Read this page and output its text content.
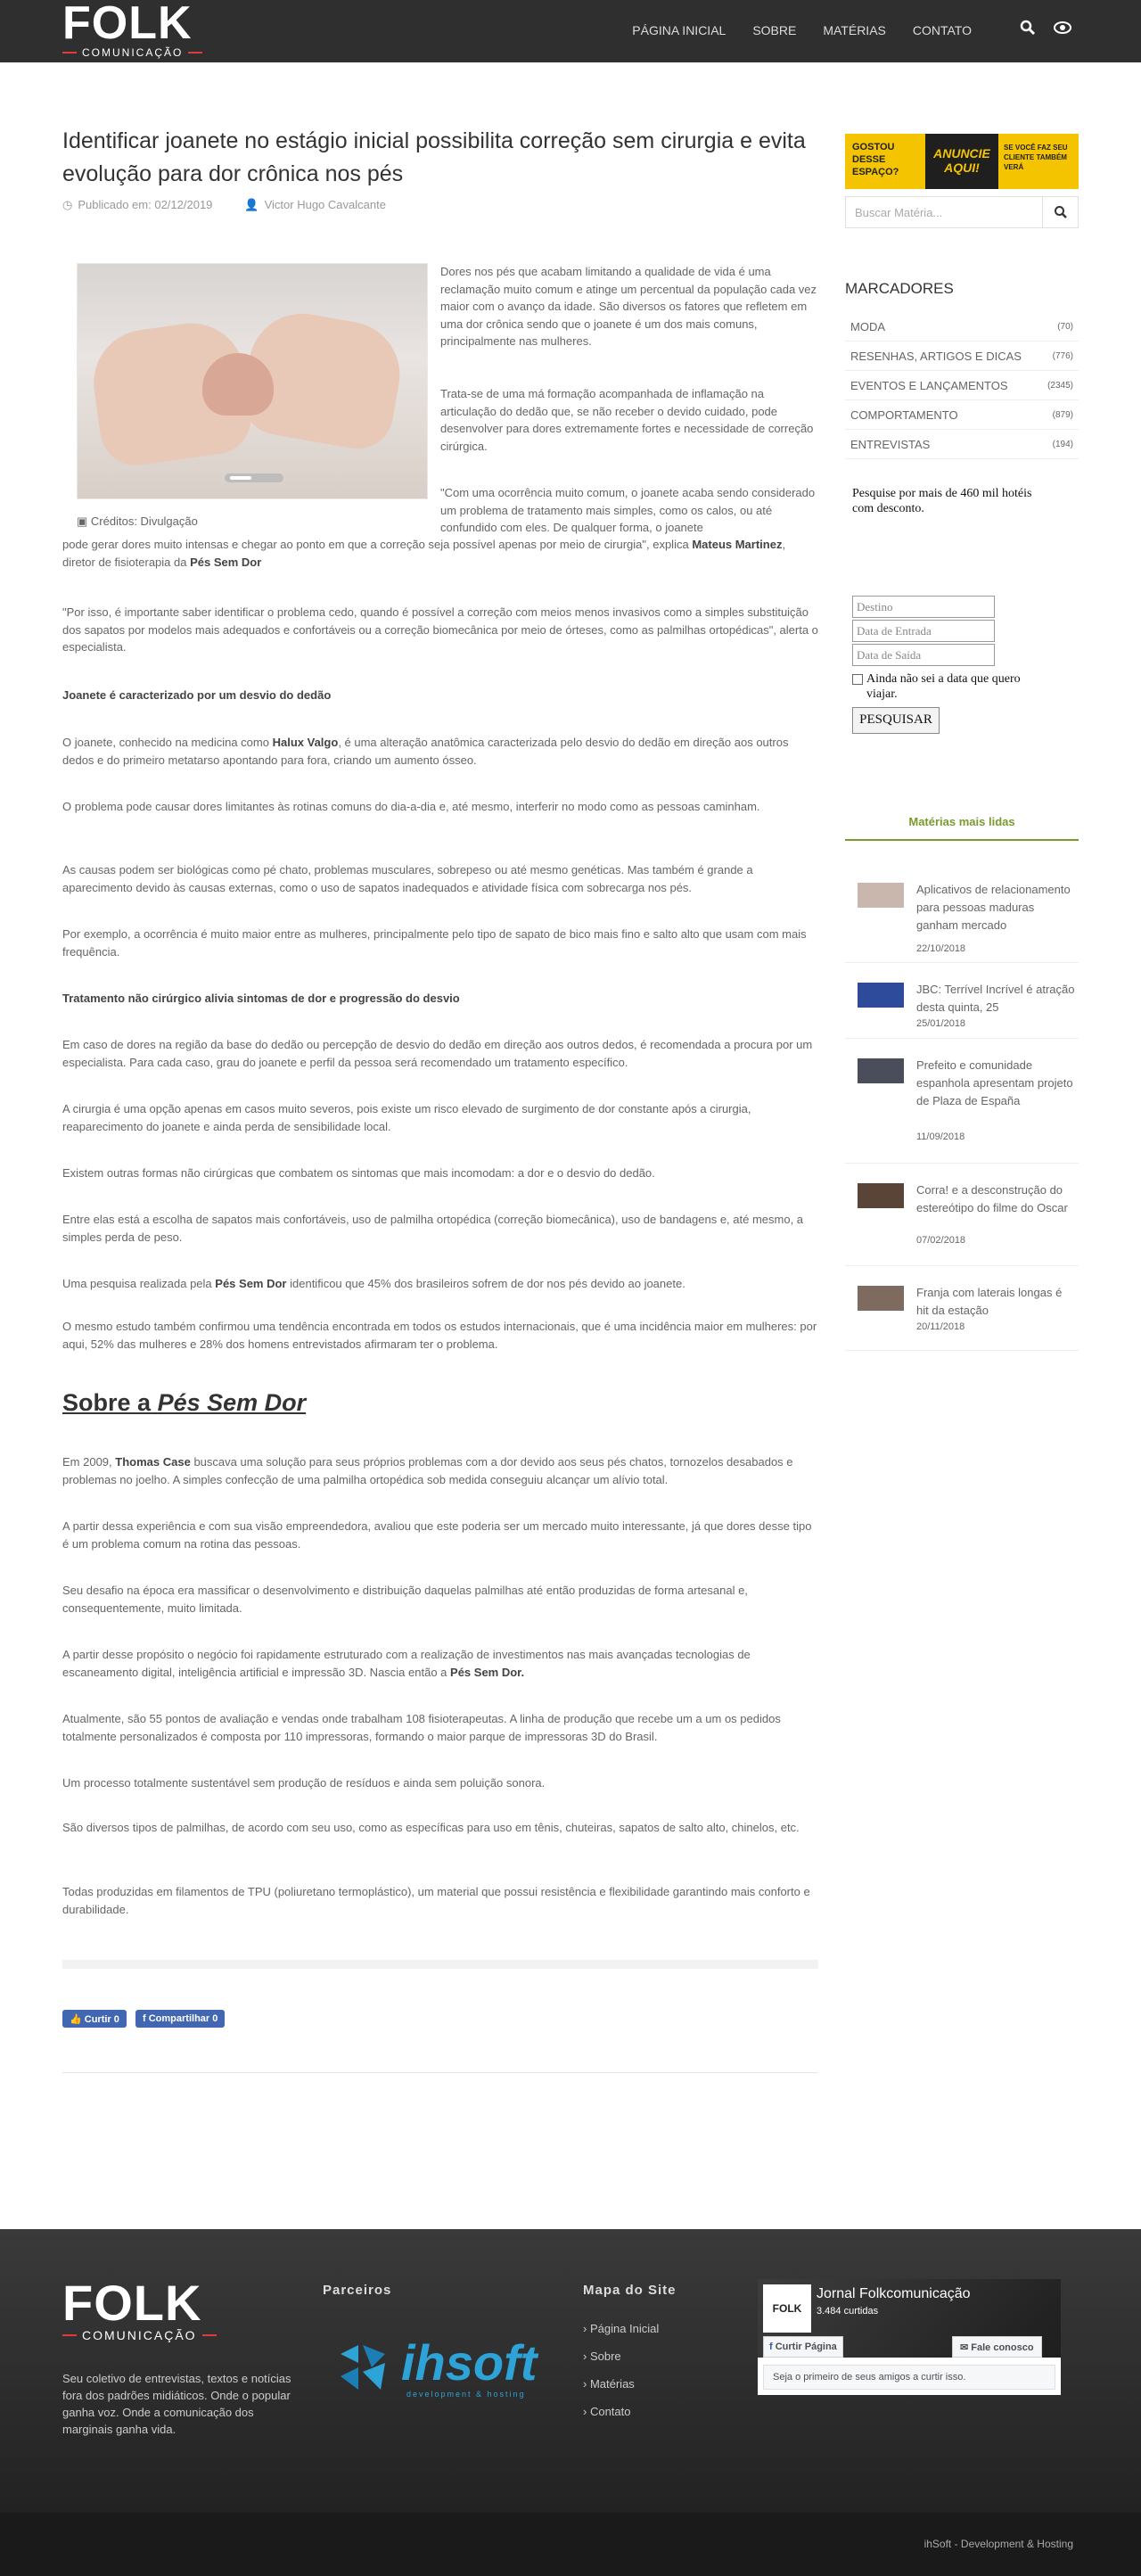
FOLK
COMUNICAÇÃO
PÁGINA INICIAL SOBRE MATÉRIAS CONTATO
Identificar joanete no estágio inicial possibilita correção sem cirurgia e evita evolução para dor crônica nos pés
◷ Publicado em: 02/12/2019	👤 Victor Hugo Cavalcante
▣ Créditos: Divulgação

Dores nos pés que acabam limitando a qualidade de vida é uma reclamação muito comum e atinge um percentual da população cada vez maior com o avanço da idade. São diversos os fatores que refletem em uma dor crônica sendo que o joanete é um dos mais comuns, principalmente nas mulheres.

Trata-se de uma má formação acompanhada de inflamação na articulação do dedão que, se não receber o devido cuidado, pode desenvolver para dores extremamente fortes e necessidade de correção cirúrgica.

"Com uma ocorrência muito comum, o joanete acaba sendo considerado um problema de tratamento mais simples, como os calos, ou até confundido com eles. De qualquer forma, o joanete

pode gerar dores muito intensas e chegar ao ponto em que a correção seja possível apenas por meio de cirurgia", explica Mateus Martinez, diretor de fisioterapia da Pés Sem Dor

"Por isso, é importante saber identificar o problema cedo, quando é possível a correção com meios menos invasivos como a simples substituição dos sapatos por modelos mais adequados e confortáveis ou a correção biomecânica por meio de órteses, como as palmilhas ortopédicas", alerta o especialista.

Joanete é caracterizado por um desvio do dedão

O joanete, conhecido na medicina como Halux Valgo, é uma alteração anatômica caracterizada pelo desvio do dedão em direção aos outros dedos e do primeiro metatarso apontando para fora, criando um aumento ósseo.

O problema pode causar dores limitantes às rotinas comuns do dia-a-dia e, até mesmo, interferir no modo como as pessoas caminham.

As causas podem ser biológicas como pé chato, problemas musculares, sobrepeso ou até mesmo genéticas. Mas também é grande a aparecimento devido às causas externas, como o uso de sapatos inadequados e atividade física com sobrecarga nos pés.

Por exemplo, a ocorrência é muito maior entre as mulheres, principalmente pelo tipo de sapato de bico mais fino e salto alto que usam com mais frequência.

Tratamento não cirúrgico alivia sintomas de dor e progressão do desvio

Em caso de dores na região da base do dedão ou percepção de desvio do dedão em direção aos outros dedos, é recomendada a procura por um especialista. Para cada caso, grau do joanete e perfil da pessoa será recomendado um tratamento específico.

A cirurgia é uma opção apenas em casos muito severos, pois existe um risco elevado de surgimento de dor constante após a cirurgia, reaparecimento do joanete e ainda perda de sensibilidade local.

Existem outras formas não cirúrgicas que combatem os sintomas que mais incomodam: a dor e o desvio do dedão.

Entre elas está a escolha de sapatos mais confortáveis, uso de palmilha ortopédica (correção biomecânica), uso de bandagens e, até mesmo, a simples perda de peso.

Uma pesquisa realizada pela Pés Sem Dor identificou que 45% dos brasileiros sofrem de dor nos pés devido ao joanete.

O mesmo estudo também confirmou uma tendência encontrada em todos os estudos internacionais, que é uma incidência maior em mulheres: por aqui, 52% das mulheres e 28% dos homens entrevistados afirmaram ter o problema.

Sobre a Pés Sem Dor

Em 2009, Thomas Case buscava uma solução para seus próprios problemas com a dor devido aos seus pés chatos, tornozelos desabados e problemas no joelho. A simples confecção de uma palmilha ortopédica sob medida conseguiu alcançar um alívio total.

A partir dessa experiência e com sua visão empreendedora, avaliou que este poderia ser um mercado muito interessante, já que dores desse tipo é um problema comum na rotina das pessoas.

Seu desafio na época era massificar o desenvolvimento e distribuição daquelas palmilhas até então produzidas de forma artesanal e, consequentemente, muito limitada.

A partir desse propósito o negócio foi rapidamente estruturado com a realização de investimentos nas mais avançadas tecnologias de escaneamento digital, inteligência artificial e impressão 3D. Nascia então a Pés Sem Dor.

Atualmente, são 55 pontos de avaliação e vendas onde trabalham 108 fisioterapeutas. A linha de produção que recebe um a um os pedidos totalmente personalizados é composta por 110 impressoras, formando o maior parque de impressoras 3D do Brasil.

Um processo totalmente sustentável sem produção de resíduos e ainda sem poluição sonora.

São diversos tipos de palmilhas, de acordo com seu uso, como as específicas para uso em tênis, chuteiras, sapatos de salto alto, chinelos, etc.

Todas produzidas em filamentos de TPU (poliuretano termoplástico), um material que possui resistência e flexibilidade garantindo mais conforto e durabilidade.

👍 Curtir 0	f Compartilhar 0
GOSTOU DESSE ESPAÇO?
ANUNCIE AQUI!
SE VOCÊ FAZ SEU CLIENTE TAMBÉM VERÁ
Buscar Matéria...
MARCADORES
MODA	(70)
RESENHAS, ARTIGOS E DICAS	(776)
EVENTOS E LANÇAMENTOS	(2345)
COMPORTAMENTO	(879)
ENTREVISTAS	(194)
Pesquise por mais de 460 mil hotéis com desconto.
Destino
Data de Entrada
Data de Saída
Ainda não sei a data que quero viajar.
PESQUISAR
Matérias mais lidas
Aplicativos de relacionamento para pessoas maduras ganham mercado
22/10/2018
JBC: Terrível Incrível é atração desta quinta, 25
25/01/2018
Prefeito e comunidade espanhola apresentam projeto de Plaza de España
11/09/2018
Corra! e a desconstrução do estereótipo do filme do Oscar
07/02/2018
Franja com laterais longas é hit da estação
20/11/2018
FOLK
COMUNICAÇÃO
Seu coletivo de entrevistas, textos e notícias fora dos padrões midiáticos. Onde o popular ganha voz. Onde a comunicação dos marginais ganha vida.
Parceiros
ihsoft
development & hosting
Mapa do Site
› Página Inicial
› Sobre
› Matérias
› Contato
FOLK
Jornal Folkcomunicação
3.484 curtidas
f Curtir Página	✉ Fale conosco
Seja o primeiro de seus amigos a curtir isso.
ihSoft - Development & Hosting
